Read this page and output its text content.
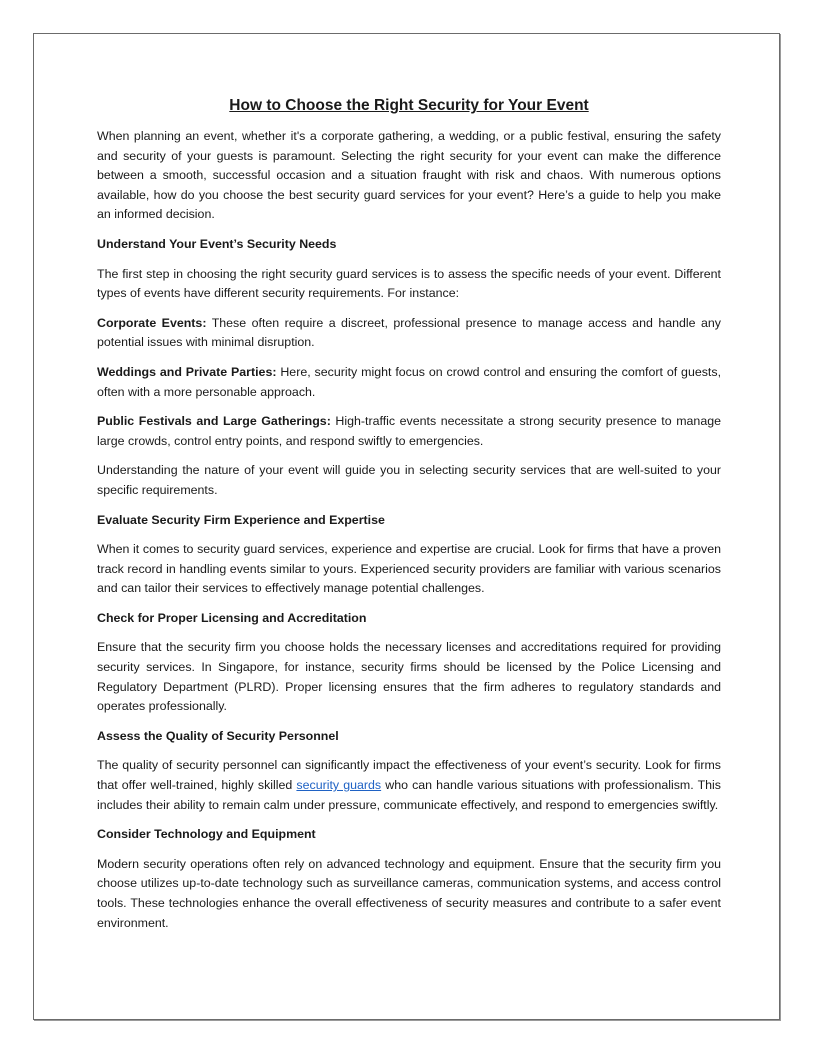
How to Choose the Right Security for Your Event

When planning an event, whether it's a corporate gathering, a wedding, or a public festival, ensuring the safety and security of your guests is paramount. Selecting the right security for your event can make the difference between a smooth, successful occasion and a situation fraught with risk and chaos. With numerous options available, how do you choose the best security guard services for your event? Here’s a guide to help you make an informed decision.

Understand Your Event’s Security Needs

The first step in choosing the right security guard services is to assess the specific needs of your event. Different types of events have different security requirements. For instance:

Corporate Events: These often require a discreet, professional presence to manage access and handle any potential issues with minimal disruption.

Weddings and Private Parties: Here, security might focus on crowd control and ensuring the comfort of guests, often with a more personable approach.

Public Festivals and Large Gatherings: High-traffic events necessitate a strong security presence to manage large crowds, control entry points, and respond swiftly to emergencies.

Understanding the nature of your event will guide you in selecting security services that are well-suited to your specific requirements.

Evaluate Security Firm Experience and Expertise

When it comes to security guard services, experience and expertise are crucial. Look for firms that have a proven track record in handling events similar to yours. Experienced security providers are familiar with various scenarios and can tailor their services to effectively manage potential challenges.

Check for Proper Licensing and Accreditation

Ensure that the security firm you choose holds the necessary licenses and accreditations required for providing security services. In Singapore, for instance, security firms should be licensed by the Police Licensing and Regulatory Department (PLRD). Proper licensing ensures that the firm adheres to regulatory standards and operates professionally.

Assess the Quality of Security Personnel

The quality of security personnel can significantly impact the effectiveness of your event’s security. Look for firms that offer well-trained, highly skilled security guards who can handle various situations with professionalism. This includes their ability to remain calm under pressure, communicate effectively, and respond to emergencies swiftly.

Consider Technology and Equipment

Modern security operations often rely on advanced technology and equipment. Ensure that the security firm you choose utilizes up-to-date technology such as surveillance cameras, communication systems, and access control tools. These technologies enhance the overall effectiveness of security measures and contribute to a safer event environment.
